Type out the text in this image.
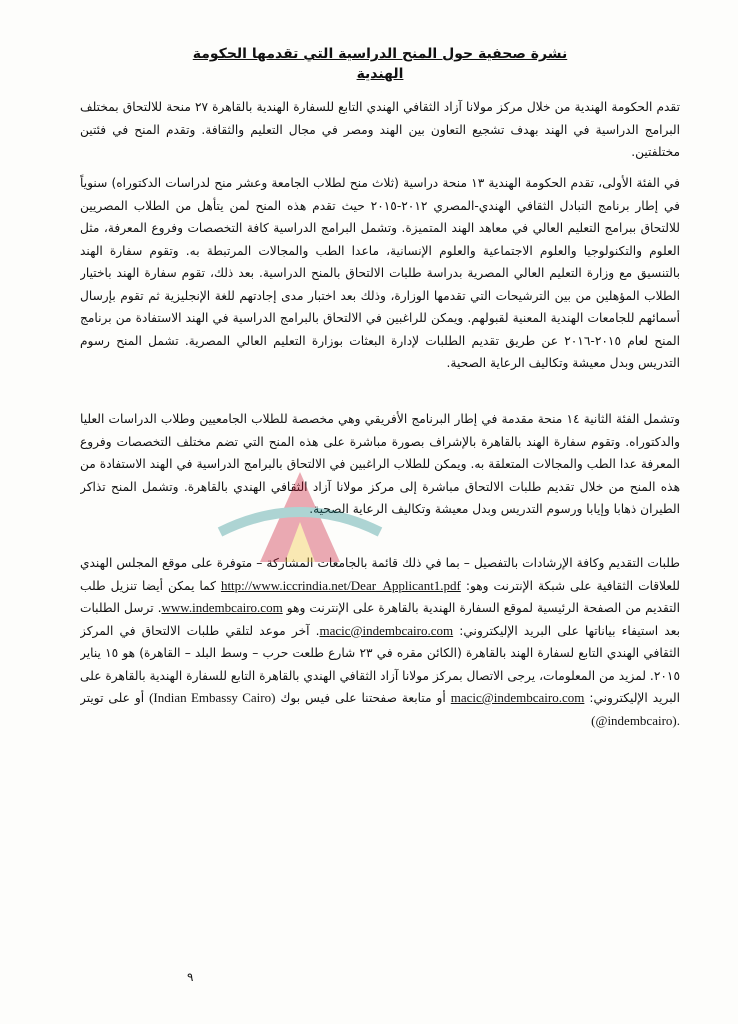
نشرة صحفية حول المنح الدراسية التي تقدمها الحكومة الهندية

تقدم الحكومة الهندية من خلال مركز مولانا آزاد الثقافي الهندي التابع للسفارة الهندية بالقاهرة ٢٧ منحة للالتحاق بمختلف البرامج الدراسية في الهند بهدف تشجيع التعاون بين الهند ومصر في مجال التعليم والثقافة. وتقدم المنح في فئتين مختلفتين.

في الفئة الأولى، تقدم الحكومة الهندية ١٣ منحة دراسية (ثلاث منح لطلاب الجامعة وعشر منح لدراسات الدكتوراه) سنوياً في إطار برنامج التبادل الثقافي الهندي-المصري ٢٠١٢-٢٠١٥ حيث تقدم هذه المنح لمن يتأهل من الطلاب المصريين للالتحاق ببرامج التعليم العالي في معاهد الهند المتميزة. وتشمل البرامج الدراسية كافة التخصصات وفروع المعرفة، مثل العلوم والتكنولوجيا والعلوم الاجتماعية والعلوم الإنسانية، ماعدا الطب والمجالات المرتبطة به. وتقوم سفارة الهند بالتنسيق مع وزارة التعليم العالي المصرية بدراسة طلبات الالتحاق بالمنح الدراسية. بعد ذلك، تقوم سفارة الهند باختيار الطلاب المؤهلين من بين الترشيحات التي تقدمها الوزارة، وذلك بعد اختبار مدى إجادتهم للغة الإنجليزية ثم تقوم بإرسال أسمائهم للجامعات الهندية المعنية لقبولهم. ويمكن للراغبين في الالتحاق بالبرامج الدراسية في الهند الاستفادة من برنامج المنح لعام ٢٠١٥-٢٠١٦ عن طريق تقديم الطلبات لإدارة البعثات بوزارة التعليم العالي المصرية. تشمل المنح رسوم التدريس وبدل معيشة وتكاليف الرعاية الصحية.

وتشمل الفئة الثانية ١٤ منحة مقدمة في إطار البرنامج الأفريقي وهي مخصصة للطلاب الجامعيين وطلاب الدراسات العليا والدكتوراه. وتقوم سفارة الهند بالقاهرة بالإشراف بصورة مباشرة على هذه المنح التي تضم مختلف التخصصات وفروع المعرفة عدا الطب والمجالات المتعلقة به. ويمكن للطلاب الراغبين في الالتحاق بالبرامج الدراسية في الهند الاستفادة من هذه المنح من خلال تقديم طلبات الالتحاق مباشرة إلى مركز مولانا آزاد الثقافي الهندي بالقاهرة. وتشمل المنح تذاكر الطيران ذهابا وإيابا ورسوم التدريس وبدل معيشة وتكاليف الرعاية الصحية.

طلبات التقديم وكافة الإرشادات بالتفصيل – بما في ذلك قائمة بالجامعات المشاركة – متوفرة على موقع المجلس الهندي للعلاقات الثقافية على شبكة الإنترنت وهو: http://www.iccrindia.net/Dear_Applicant1.pdf كما يمكن أيضا تنزيل طلب التقديم من الصفحة الرئيسية لموقع السفارة الهندية بالقاهرة على الإنترنت وهو www.indembcairo.com. ترسل الطلبات بعد استيفاء بياناتها على البريد الإليكتروني: macic@indembcairo.com. آخر موعد لتلقي طلبات الالتحاق في المركز الثقافي الهندي التابع لسفارة الهند بالقاهرة (الكائن مقره في ٢٣ شارع طلعت حرب – وسط البلد – القاهرة) هو ١٥ يناير ٢٠١٥. لمزيد من المعلومات، يرجى الاتصال بمركز مولانا آزاد الثقافي الهندي بالقاهرة التابع للسفارة الهندية بالقاهرة على البريد الإليكتروني: macic@indembcairo.com أو متابعة صفحتنا على فيس بوك (Indian Embassy Cairo) أو على تويتر (@indembcairo).

٩
